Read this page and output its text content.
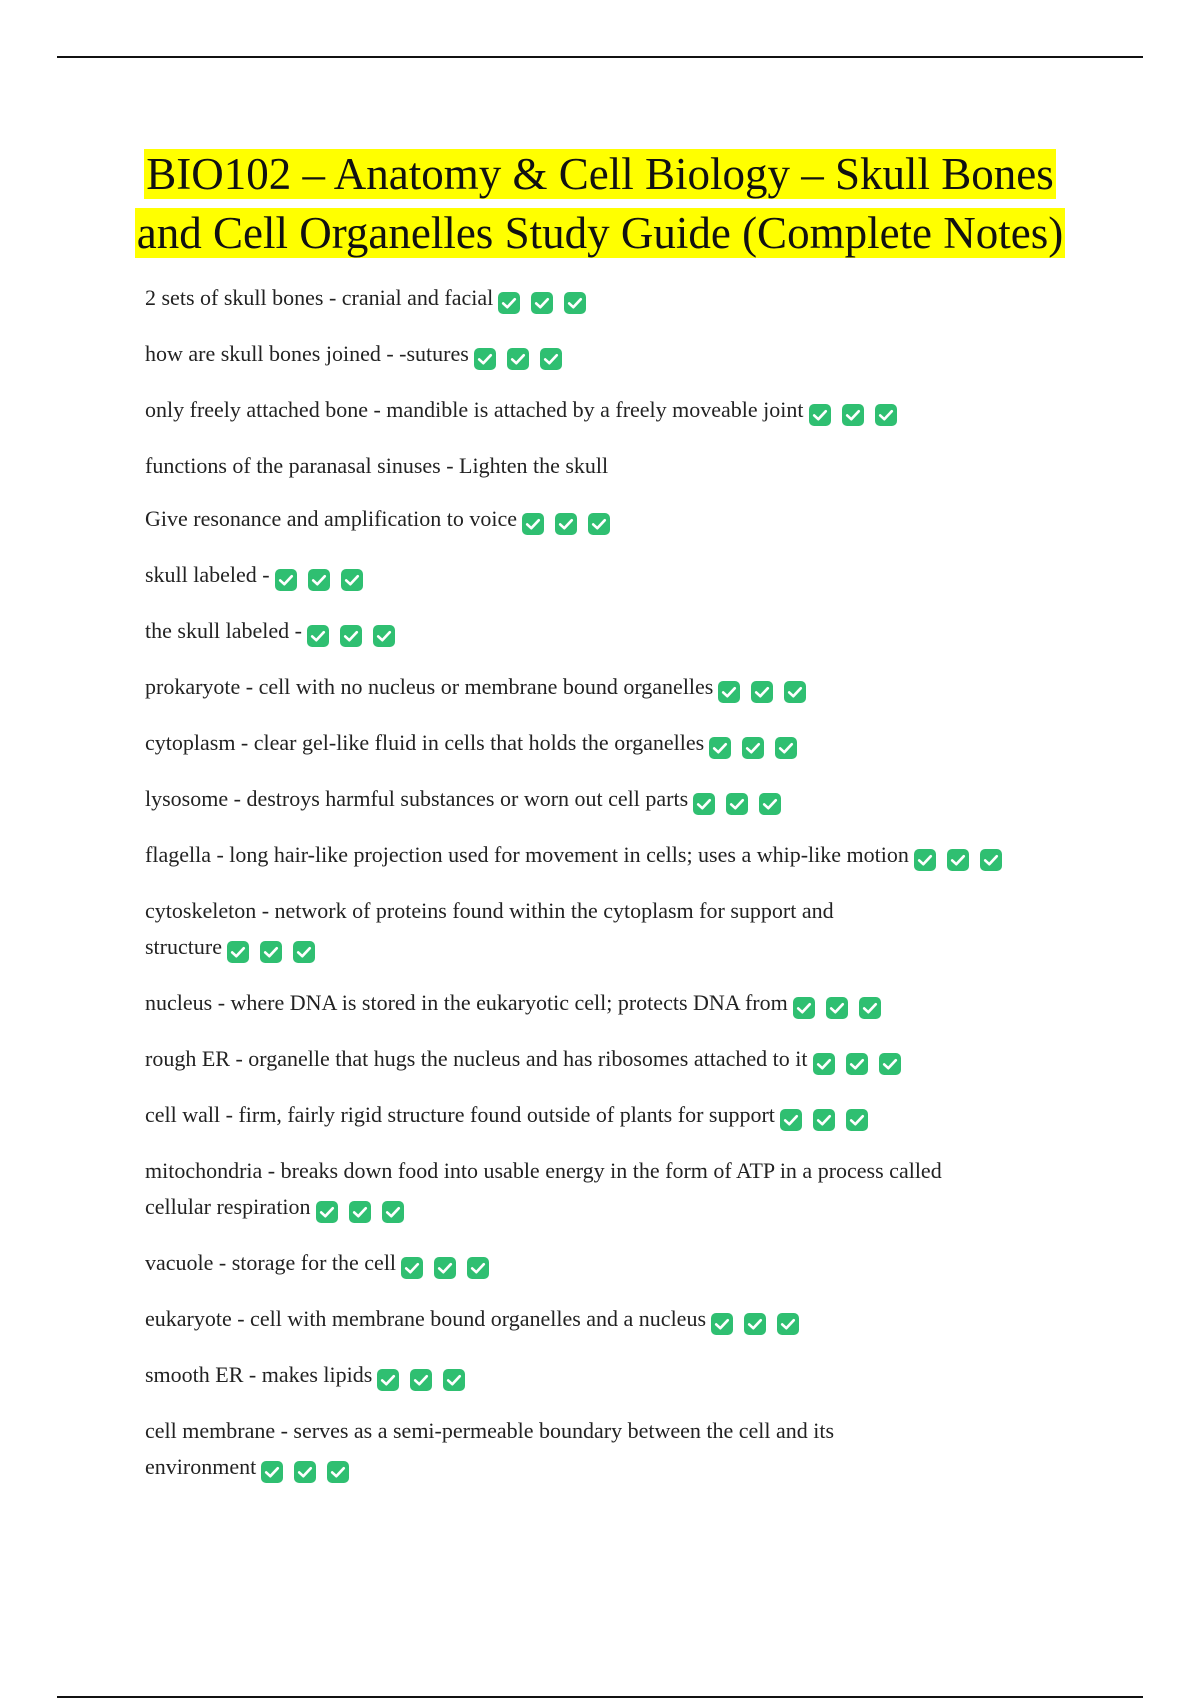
BIO102 – Anatomy & Cell Biology – Skull Bones
and Cell Organelles Study Guide (Complete Notes)

2 sets of skull bones - cranial and facial

how are skull bones joined - -sutures

only freely attached bone - mandible is attached by a freely moveable joint

functions of the paranasal sinuses - Lighten the skull

Give resonance and amplification to voice

skull labeled -

the skull labeled -

prokaryote - cell with no nucleus or membrane bound organelles

cytoplasm - clear gel-like fluid in cells that holds the organelles

lysosome - destroys harmful substances or worn out cell parts

flagella - long hair-like projection used for movement in cells; uses a whip-like motion

cytoskeleton - network of proteins found within the cytoplasm for support and
structure

nucleus - where DNA is stored in the eukaryotic cell; protects DNA from

rough ER - organelle that hugs the nucleus and has ribosomes attached to it

cell wall - firm, fairly rigid structure found outside of plants for support

mitochondria - breaks down food into usable energy in the form of ATP in a process called
cellular respiration

vacuole - storage for the cell

eukaryote - cell with membrane bound organelles and a nucleus

smooth ER - makes lipids

cell membrane - serves as a semi-permeable boundary between the cell and its
environment
